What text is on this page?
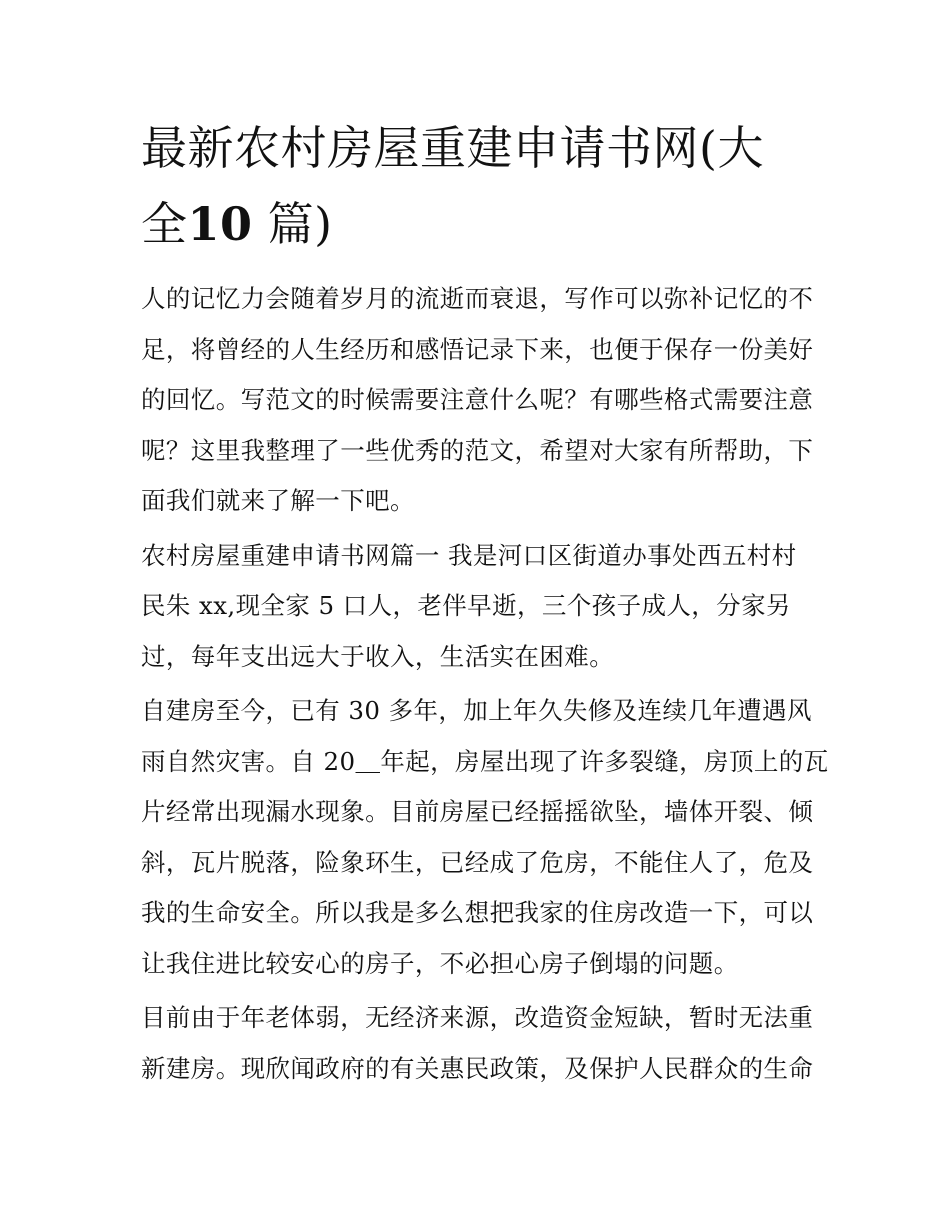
最新农村房屋重建申请书网(大
全10 篇)

人的记忆力会随着岁月的流逝而衰退，写作可以弥补记忆的不
足，将曾经的人生经历和感悟记录下来，也便于保存一份美好
的回忆。写范文的时候需要注意什么呢？有哪些格式需要注意
呢？这里我整理了一些优秀的范文，希望对大家有所帮助，下
面我们就来了解一下吧。

农村房屋重建申请书网篇一 我是河口区街道办事处西五村村
民朱 xx,现全家 5 口人，老伴早逝，三个孩子成人，分家另
过，每年支出远大于收入，生活实在困难。

自建房至今，已有 30 多年，加上年久失修及连续几年遭遇风
雨自然灾害。自 20＿年起，房屋出现了许多裂缝，房顶上的瓦
片经常出现漏水现象。目前房屋已经摇摇欲坠，墙体开裂、倾
斜，瓦片脱落，险象环生，已经成了危房，不能住人了，危及
我的生命安全。所以我是多么想把我家的住房改造一下，可以
让我住进比较安心的房子，不必担心房子倒塌的问题。

目前由于年老体弱，无经济来源，改造资金短缺，暂时无法重
新建房。现欣闻政府的有关惠民政策，及保护人民群众的生命
